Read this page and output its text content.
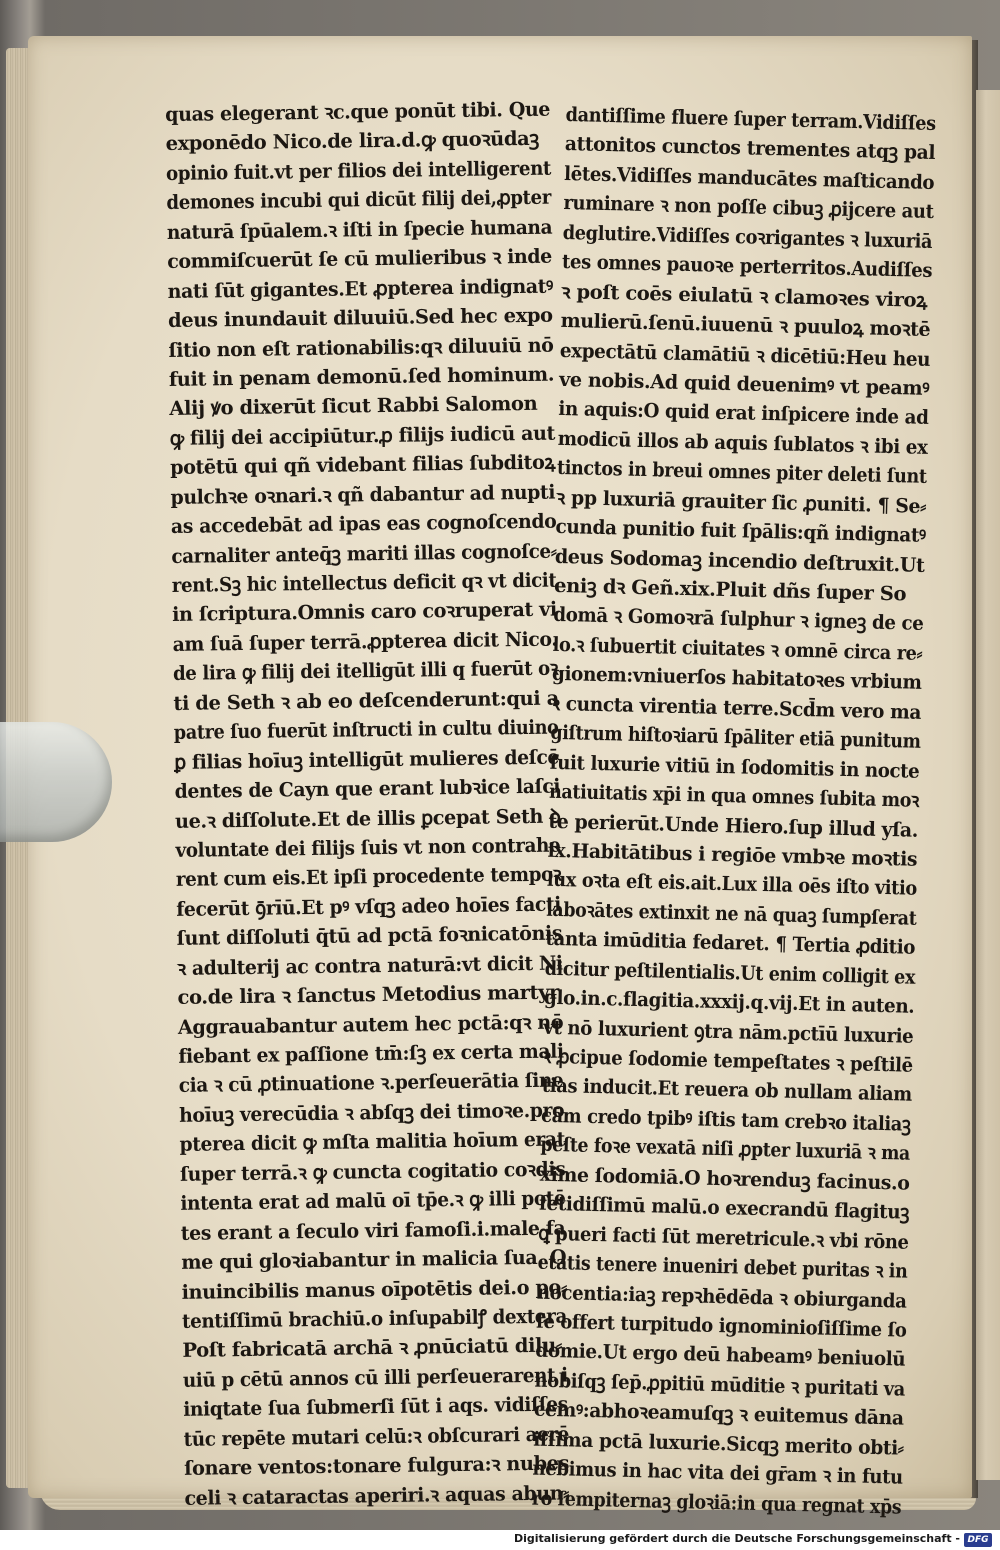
quas elegerant ꝛc.que ponūt tibi. Que
exponēdo Nico.de lira.d.ꝙ quoꝛūdaꝫ
opinio fuit.vt per filios dei intelligerent
demones incubi qui dicūt filij dei,ꝓpter
naturā ſpūalem.ꝛ iſti in ſpecie humana
commiſcuerūt ſe cū mulieribus ꝛ inde
nati ſūt gigantes.Et ꝓpterea indignatꝰ
deus inundauit diluuiū.Sed hec expo
ſitio non eſt rationabilis:qꝛ diluuiū nō
fuit in penam demonū.ſed hominum.
Alij ꝟo dixerūt ſicut Rabbi Salomon
ꝙ filij dei accipiūtur.ꝓ filijs iudicū aut
potētū qui qñ videbant filias ſubditoꝝ
pulchꝛe oꝛnari.ꝛ qñ dabantur ad nupti
as accedebāt ad ipas eas cognoſcendo
carnaliter anteq̄ꝫ mariti illas cognoſce⸗
rent.Sꝫ hic intellectus deficit qꝛ vt dicit
in ſcriptura.Omnis caro coꝛruperat vi
am ſuā ſuper terrā.ꝓpterea dicit Nico.
de lira ꝙ filij dei itelligūt illi q fuerūt oꝛ
ti de Seth ꝛ ab eo deſcenderunt:qui a
patre ſuo fuerūt inſtructi in cultu diuino
ꝑ filias hoīuꝫ intelligūt mulieres deſcē
dentes de Cayn que erant lubꝛice laſci
ue.ꝛ diſſolute.Et de illis ꝑcepat Seth ꝺ
voluntate dei filijs ſuis vt non contrahe
rent cum eis.Et ipſi procedente tempoꝛ
fecerūt ꝯ̄rīū.Et pꝰ vſqꝫ adeo hoīes facti
ſunt diſſoluti q̄tū ad pctā foꝛnicatōnis
ꝛ adulterij ac contra naturā:vt dicit Ni
co.de lira ꝛ ſanctus Metodius martyr
Aggrauabantur autem hec pctā:qꝛ nō
fiebant ex paſſione tm̄:ſꝫ ex certa mali
cia ꝛ cū ꝓtinuatione ꝛ.perſeuerātia ſine
hoīuꝫ verecūdia ꝛ abſqꝫ dei timoꝛe.pro
pterea dicit ꝙ mſta malitia hoīum erat
ſuper terrā.ꝛ ꝙ cuncta cogitatio coꝛdis
intenta erat ad malū oī tp̄e.ꝛ ꝙ illi potē
tes erant a ſeculo viri famoſi.i.male fa
me qui gloꝛiabantur in malicia ſua. O
inuincibilis manus oīpotētis dei.o po⸗
tentiſſimū brachiū.o inſupabilꝭ dextera
Poſt fabricatā archā ꝛ ꝓnūciatū dilu⸗
uiū p cētū annos cū illi perſeuerarent i
iniqtate ſua ſubmerſi ſūt i aqs. vidiſſes
tūc repēte mutari celū:ꝛ obſcurari aerē
ſonare ventos:tonare fulgura:ꝛ nubes
celi ꝛ cataractas aperiri.ꝛ aquas abun⸗
dantiſſime fluere ſuper terram.Vidiſſes
attonitos cunctos trementes atqꝫ pal
lētes.Vidiſſes manducātes maſticando
ruminare ꝛ non poſſe cibuꝫ ꝓijcere aut
deglutire.Vidiſſes coꝛrigantes ꝛ luxuriā
tes omnes pauoꝛe perterritos.Audiſſes
ꝛ poſt coēs eiulatū ꝛ clamoꝛes viroꝝ
mulierū.ſenū.iuuenū ꝛ puuloꝝ moꝛtē
expectātū clamātiū ꝛ dicētiū:Heu heu
ve nobis.Ad quid deuenimꝰ vt peamꝰ
in aquis:O quid erat inſpicere inde ad
modicū illos ab aquis ſublatos ꝛ ibi ex
tinctos in breui omnes piter deleti ſunt
ꝛ pp luxuriā grauiter ſic ꝓuniti. ¶ Se⸗
cunda punitio fuit ſpālis:qñ indignatꝰ
deus Sodomaꝫ incendio deſtruxit.Ut
eniꝫ dꝛ Geñ.xix.Pluit dñs ſuper So
domā ꝛ Gomoꝛrā ſulphur ꝛ igneꝫ de ce
lo.ꝛ ſubuertit ciuitates ꝛ omnē circa re⸗
gionem:vniuerſos habitatoꝛes vrbium
ꝛ cuncta virentia terre.Scd̄m vero ma
giſtrum hiſtoꝛiarū ſpāliter etiā punitum
fuit luxurie vitiū in ſodomitis in nocte
natiuitatis xp̄i in qua omnes ſubita moꝛ
te perierūt.Unde Hiero.ſup illud yſa.
ix.Habitātibus i regiōe vmbꝛe moꝛtis
lux oꝛta eſt eis.ait.Lux illa oēs iſto vitio
laboꝛātes extinxit ne nā quaꝫ ſumpſerat
tanta imūditia fedaret. ¶ Tertia ꝓditio
dicitur peſtilentialis.Ut enim colligit ex
glo.in.c.flagitia.xxxij.q.vij.Et in auten.
vt nō luxurient ꝯtra nām.pctīū luxurie
ꝛ ꝓcipue ſodomie tempeſtates ꝛ peſtilē
tias inducit.Et reuera ob nullam aliam
cām credo tpibꝰ iſtis tam crebꝛo italiaꝫ
peſte foꝛe vexatā niſi ꝓpter luxuriā ꝛ ma
xime ſodomiā.O hoꝛrenduꝫ facinus.o
fetidiſſimū malū.o execrandū flagituꝫ
ꝗ pueri facti ſūt meretricule.ꝛ vbi rōne
etatis tenere inueniri debet puritas ꝛ in
nocentia:iaꝫ repꝛhēdēda ꝛ obiurganda
ſe offert turpitudo ignominioſiſſime ſo
domie.Ut ergo deū habeamꝰ beniuolū
nobiſqꝫ ſep̄.ꝓpitiū mūditie ꝛ puritati va
cemꝰ:abhoꝛeamuſqꝫ ꝛ euitemus dāna
iſſima pctā luxurie.Sicqꝫ merito obti⸗
nebimus in hac vita dei gr̄am ꝛ in futu
ro ſempiternaꝫ gloꝛiā:in qua regnat xp̄s
Digitalisierung gefördert durch die Deutsche Forschungsgemeinschaft - DFG
